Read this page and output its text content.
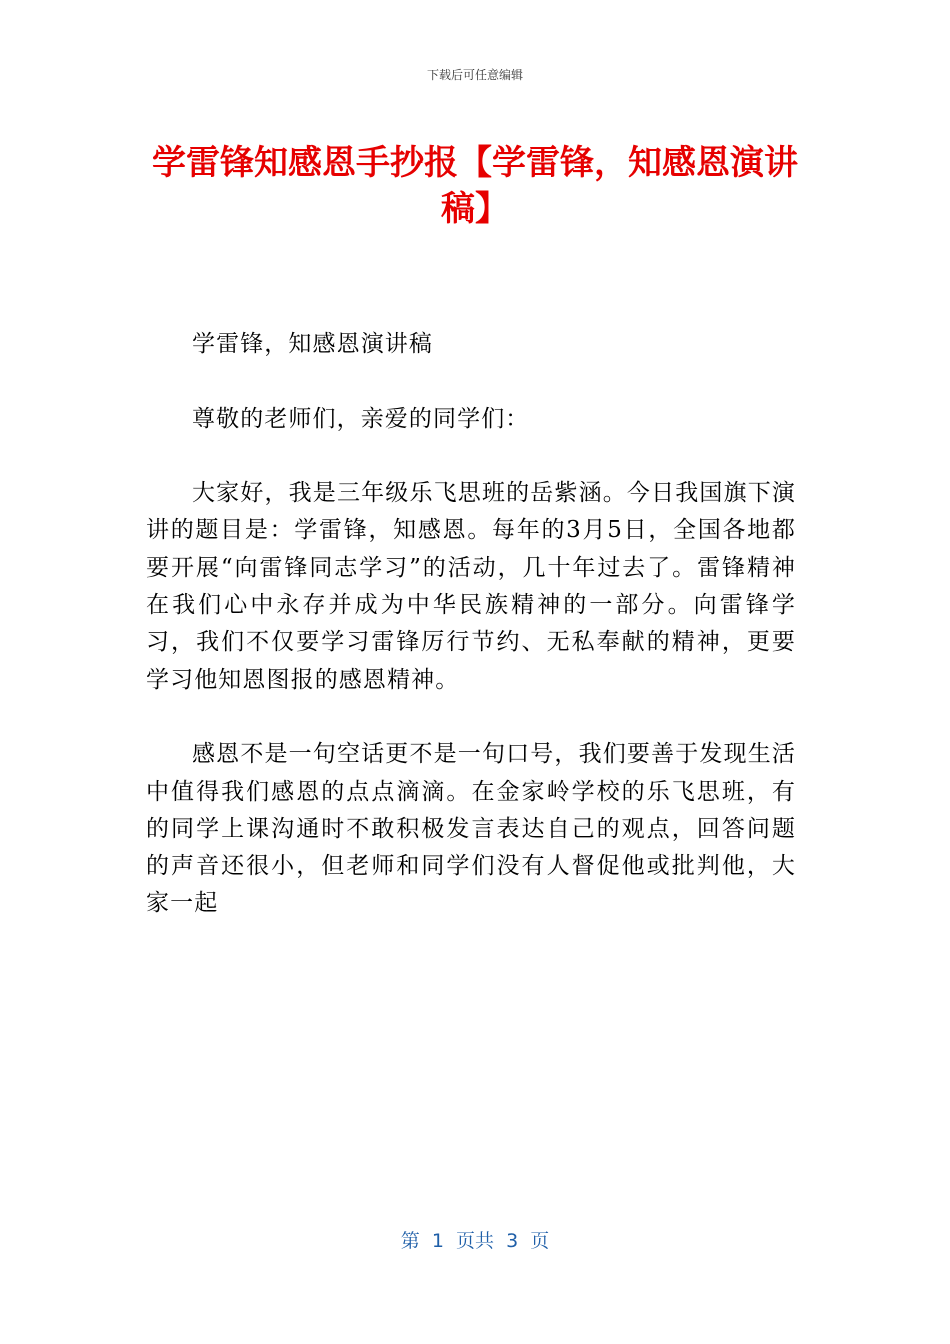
下载后可任意编辑
学雷锋知感恩手抄报【学雷锋，知感恩演讲稿】

学雷锋，知感恩演讲稿

尊敬的老师们，亲爱的同学们：

大家好，我是三年级乐飞思班的岳紫涵。今日我国旗下演讲的题目是：学雷锋，知感恩。每年的3月5日，全国各地都要开展“向雷锋同志学习”的活动，几十年过去了。雷锋精神在我们心中永存并成为中华民族精神的一部分。向雷锋学习，我们不仅要学习雷锋厉行节约、无私奉献的精神，更要学习他知恩图报的感恩精神。

感恩不是一句空话更不是一句口号，我们要善于发现生活中值得我们感恩的点点滴滴。在金家岭学校的乐飞思班，有的同学上课沟通时不敢积极发言表达自己的观点，回答问题的声音还很小，但老师和同学们没有人督促他或批判他，大家一起

第  1  页共  3  页
